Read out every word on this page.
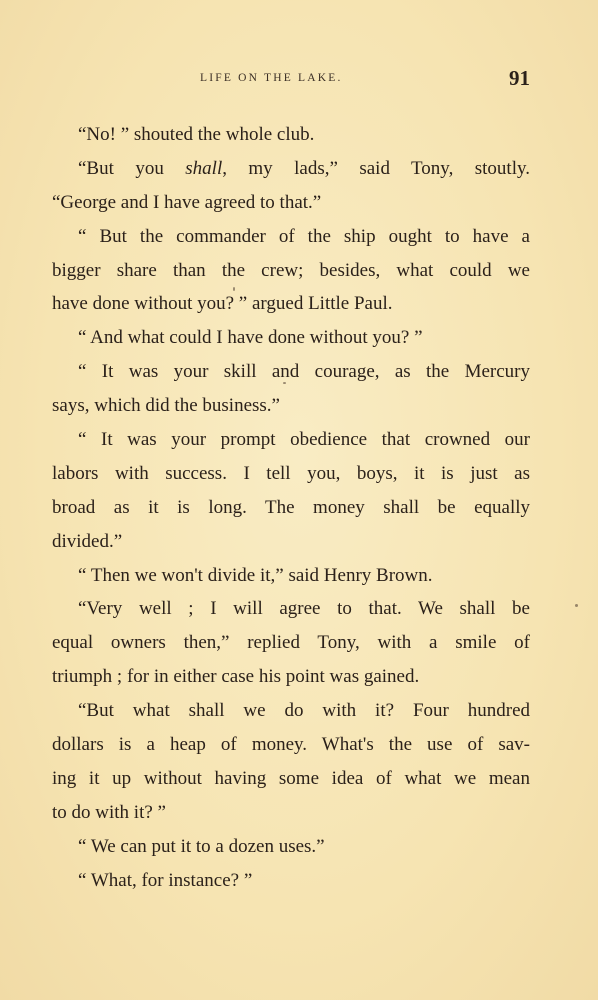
LIFE ON THE LAKE.	91
“No! ” shouted the whole club.
“But you shall, my lads,” said Tony, stoutly.
“George and I have agreed to that.”
“ But the commander of the ship ought to have a
bigger share than the crew; besides, what could we
have done without you? ” argued Little Paul.
“ And what could I have done without you? ”
“ It was your skill and courage, as the Mercury
says, which did the business.”
“ It was your prompt obedience that crowned our
labors with success. I tell you, boys, it is just as
broad as it is long. The money shall be equally
divided.”
“ Then we won't divide it,” said Henry Brown.
“Very well ; I will agree to that. We shall be
equal owners then,” replied Tony, with a smile of
triumph ; for in either case his point was gained.
“But what shall we do with it? Four hundred
dollars is a heap of money. What's the use of sav-
ing it up without having some idea of what we mean
to do with it? ”
“ We can put it to a dozen uses.”
“ What, for instance? ”
